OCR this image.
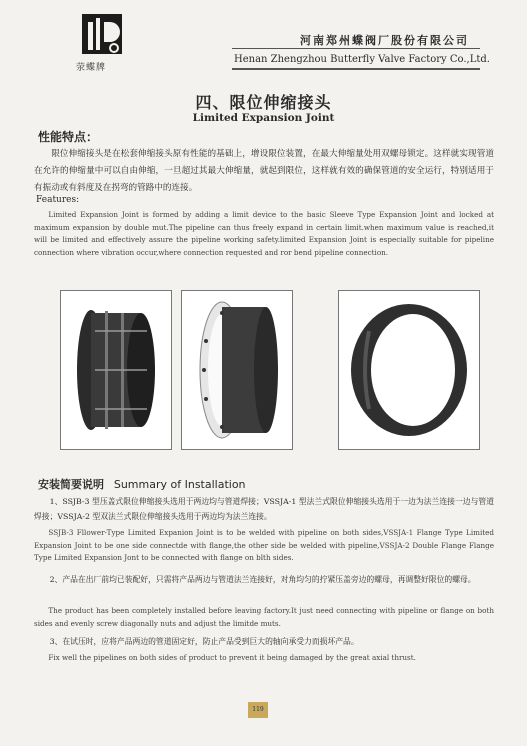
荥蝶牌
河南郑州蝶阀厂股份有限公司
Henan Zhengzhou Butterfly Valve Factory Co.,Ltd.
四、限位伸缩接头
Limited Expansion Joint
性能特点：
限位伸缩接头是在松套伸缩接头原有性能的基础上，增设限位装置，在最大伸缩量处用双螺母锁定。这样就实现管道在允许的伸缩量中可以自由伸缩，一旦超过其最大伸缩量，就起到限位，这样就有效的确保管道的安全运行，特别适用于有振动或有斜度及在拐弯的管路中的连接。
Features:
Limited Expansion Joint is formed by adding a limit device to the basic Sleeve Type Expansion Joint and locked at maximum expansion by double mut.The pipeline can thus freely expand in certain limit.when maximum value is reached,it will be limited and effectively assure the pipeline working safety.limited Expansion Joint is especially suitable for pipeline connection where vibration occur,where connection requested and ror bend pipeline connection.
安装简要说明 Summary of Installation
1、SSJB-3 型压盖式限位伸缩接头选用于两边均与管道焊接；VSSJA-1 型法兰式限位伸缩接头选用于一边为法兰连接一边与管道焊接；VSSJA-2 型双法兰式限位伸缩接头选用于两边均为法兰连接。
SSJB-3 Fllower-Type Limited Expanion Joint is to be welded with pipeline on both sides,VSSJA-1 Flange Type Limited Expansion Joint to be one side connectde with flange,the other side be welded with pipeline,VSSJA-2 Double Flange Flange Type Limited Expansion Jont to be connected with flange on blth sides.
2、产品在出厂前均已装配好，只需将产品两边与管道法兰连接好，对角均匀的拧紧压盖旁边的螺母，再调整好限位的螺母。
The product has been completely installed before leaving factory.It just need connecting with pipeline or flange on both sides and evenly screw diagonally nuts and adjust the limitde muts.
3、在试压时，应将产品两边的管道固定好，防止产品受到巨大的轴向承受力而损坏产品。
Fix well the pipelines on both sides of product to prevent it being damaged by the great axial thrust.
119
